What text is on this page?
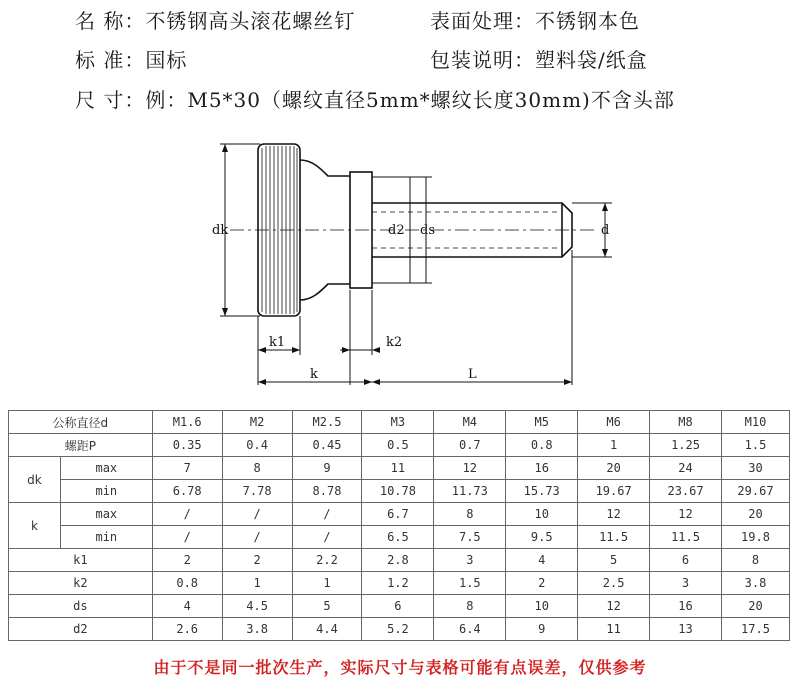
名 称：不锈钢高头滚花螺丝钉	表面处理：不锈钢本色
标 准：国标	包装说明：塑料袋/纸盒
尺 寸：例：M5*30（螺纹直径5mm*螺纹长度30mm)不含头部
dk	d2 ds	d
k1	k2
k	L
公称直径d		M1.6	M2	M2.5	M3	M4	M5	M6	M8	M10
螺距P		0.35	0.4	0.45	0.5	0.7	0.8	1	1.25	1.5
dk	max	7	8	9	11	12	16	20	24	30
	min	6.78	7.78	8.78	10.78	11.73	15.73	19.67	23.67	29.67
k	max	/	/	/	6.7	8	10	12	12	20
	min	/	/	/	6.5	7.5	9.5	11.5	11.5	19.8
k1		2	2	2.2	2.8	3	4	5	6	8
k2		0.8	1	1	1.2	1.5	2	2.5	3	3.8
ds		4	4.5	5	6	8	10	12	16	20
d2		2.6	3.8	4.4	5.2	6.4	9	11	13	17.5
由于不是同一批次生产，实际尺寸与表格可能有点误差，仅供参考
